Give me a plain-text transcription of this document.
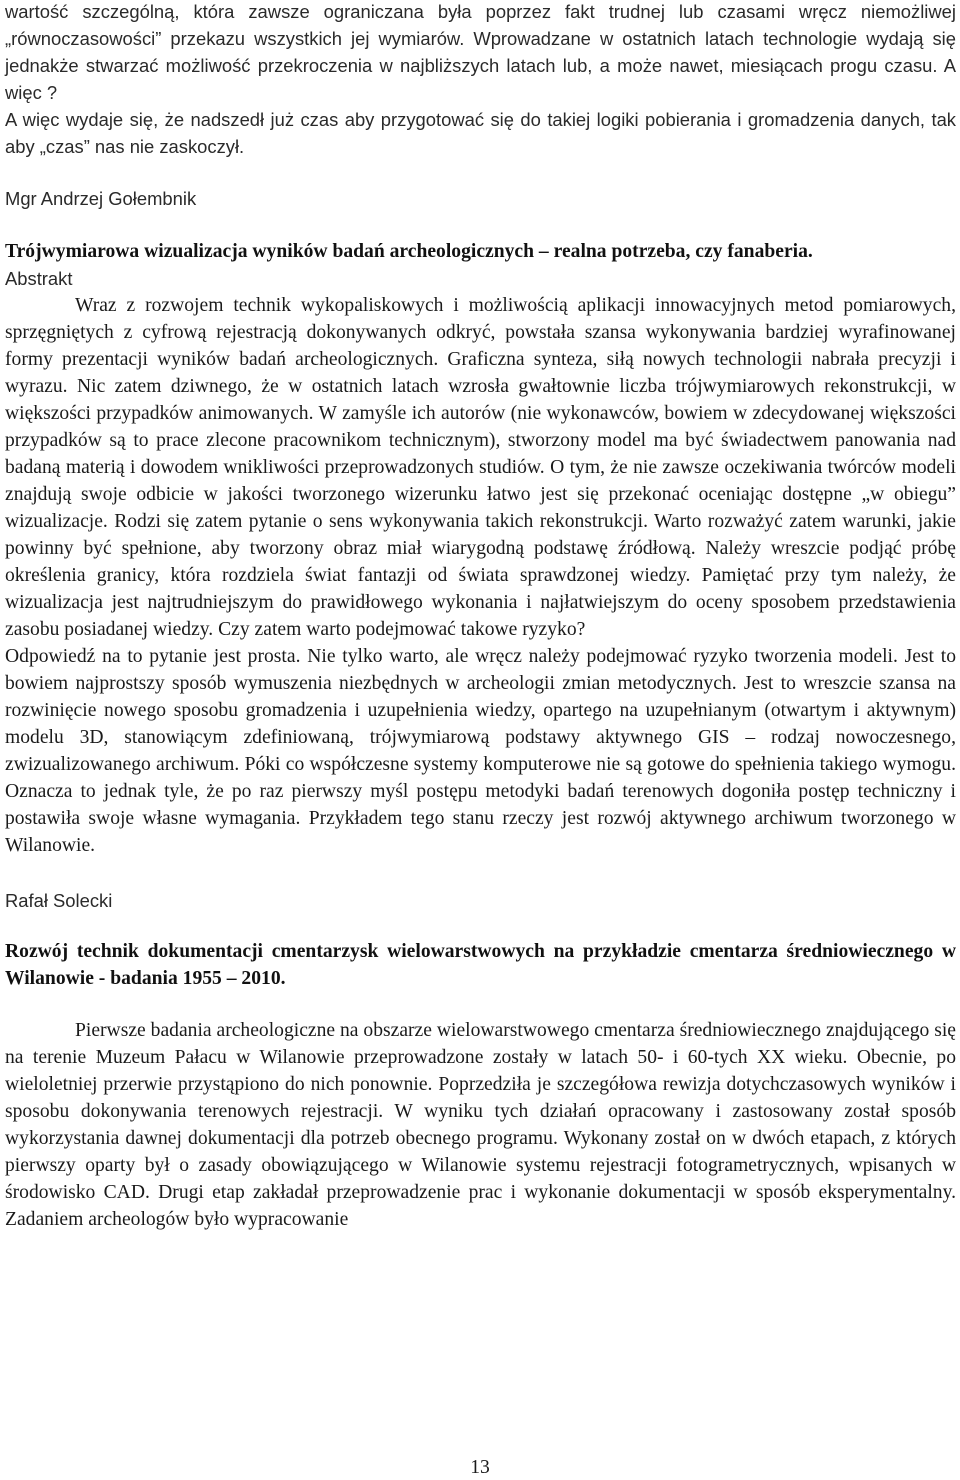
wartość szczególną, która zawsze ograniczana była poprzez fakt trudnej lub czasami wręcz niemożliwej „równoczasowości” przekazu wszystkich jej wymiarów. Wprowadzane w ostatnich latach technologie wydają się jednakże stwarzać możliwość przekroczenia w najbliższych latach lub, a może nawet, miesiącach progu czasu. A więc ?

A więc wydaje się, że nadszedł już czas aby przygotować się do takiej logiki pobierania i gromadzenia danych, tak aby „czas” nas nie zaskoczył.

Mgr Andrzej Gołembnik

Trójwymiarowa wizualizacja wyników badań archeologicznych – realna potrzeba, czy fanaberia.

Abstrakt

Wraz z rozwojem technik wykopaliskowych i możliwością aplikacji innowacyjnych metod pomiarowych, sprzęgniętych z cyfrową rejestracją dokonywanych odkryć, powstała szansa wykonywania bardziej wyrafinowanej formy prezentacji wyników badań archeologicznych. Graficzna synteza, siłą nowych technologii nabrała precyzji i wyrazu. Nic zatem dziwnego, że w ostatnich latach wzrosła gwałtownie liczba trójwymiarowych rekonstrukcji, w większości przypadków animowanych. W zamyśle ich autorów (nie wykonawców, bowiem w zdecydowanej większości przypadków są to prace zlecone pracownikom technicznym), stworzony model ma być świadectwem panowania nad badaną materią i dowodem wnikliwości przeprowadzonych studiów. O tym, że nie zawsze oczekiwania twórców modeli znajdują swoje odbicie w jakości tworzonego wizerunku łatwo jest się przekonać oceniając dostępne „w obiegu” wizualizacje. Rodzi się zatem pytanie o sens wykonywania takich rekonstrukcji. Warto rozważyć zatem warunki, jakie powinny być spełnione, aby tworzony obraz miał wiarygodną podstawę źródłową. Należy wreszcie podjąć próbę określenia granicy, która rozdziela świat fantazji od świata sprawdzonej wiedzy. Pamiętać przy tym należy, że wizualizacja jest najtrudniejszym do prawidłowego wykonania i najłatwiejszym do oceny sposobem przedstawienia zasobu posiadanej wiedzy. Czy zatem warto podejmować takowe ryzyko?

Odpowiedź na to pytanie jest prosta. Nie tylko warto, ale wręcz należy podejmować ryzyko tworzenia modeli. Jest to bowiem najprostszy sposób wymuszenia niezbędnych w archeologii zmian metodycznych. Jest to wreszcie szansa na rozwinięcie nowego sposobu gromadzenia i uzupełnienia wiedzy, opartego na uzupełnianym (otwartym i aktywnym) modelu 3D, stanowiącym zdefiniowaną, trójwymiarową podstawy aktywnego GIS – rodzaj nowoczesnego, zwizualizowanego archiwum. Póki co współczesne systemy komputerowe nie są gotowe do spełnienia takiego wymogu. Oznacza to jednak tyle, że po raz pierwszy myśl postępu metodyki badań terenowych dogoniła postęp techniczny i postawiła swoje własne wymagania. Przykładem tego stanu rzeczy jest rozwój aktywnego archiwum tworzonego w Wilanowie.

Rafał Solecki

Rozwój technik dokumentacji cmentarzysk wielowarstwowych na przykładzie cmentarza średniowiecznego w Wilanowie - badania 1955 – 2010.

Pierwsze badania archeologiczne na obszarze wielowarstwowego cmentarza średniowiecznego znajdującego się na terenie Muzeum Pałacu w Wilanowie przeprowadzone zostały w latach 50- i 60-tych XX wieku. Obecnie, po wieloletniej przerwie przystąpiono do nich ponownie. Poprzedziła je szczegółowa rewizja dotychczasowych wyników i sposobu dokonywania terenowych rejestracji. W wyniku tych działań opracowany i zastosowany został sposób wykorzystania dawnej dokumentacji dla potrzeb obecnego programu. Wykonany został on w dwóch etapach, z których pierwszy oparty był o zasady obowiązującego w Wilanowie systemu rejestracji fotogrametrycznych, wpisanych w środowisko CAD. Drugi etap zakładał przeprowadzenie prac i wykonanie dokumentacji w sposób eksperymentalny. Zadaniem archeologów było wypracowanie

13
